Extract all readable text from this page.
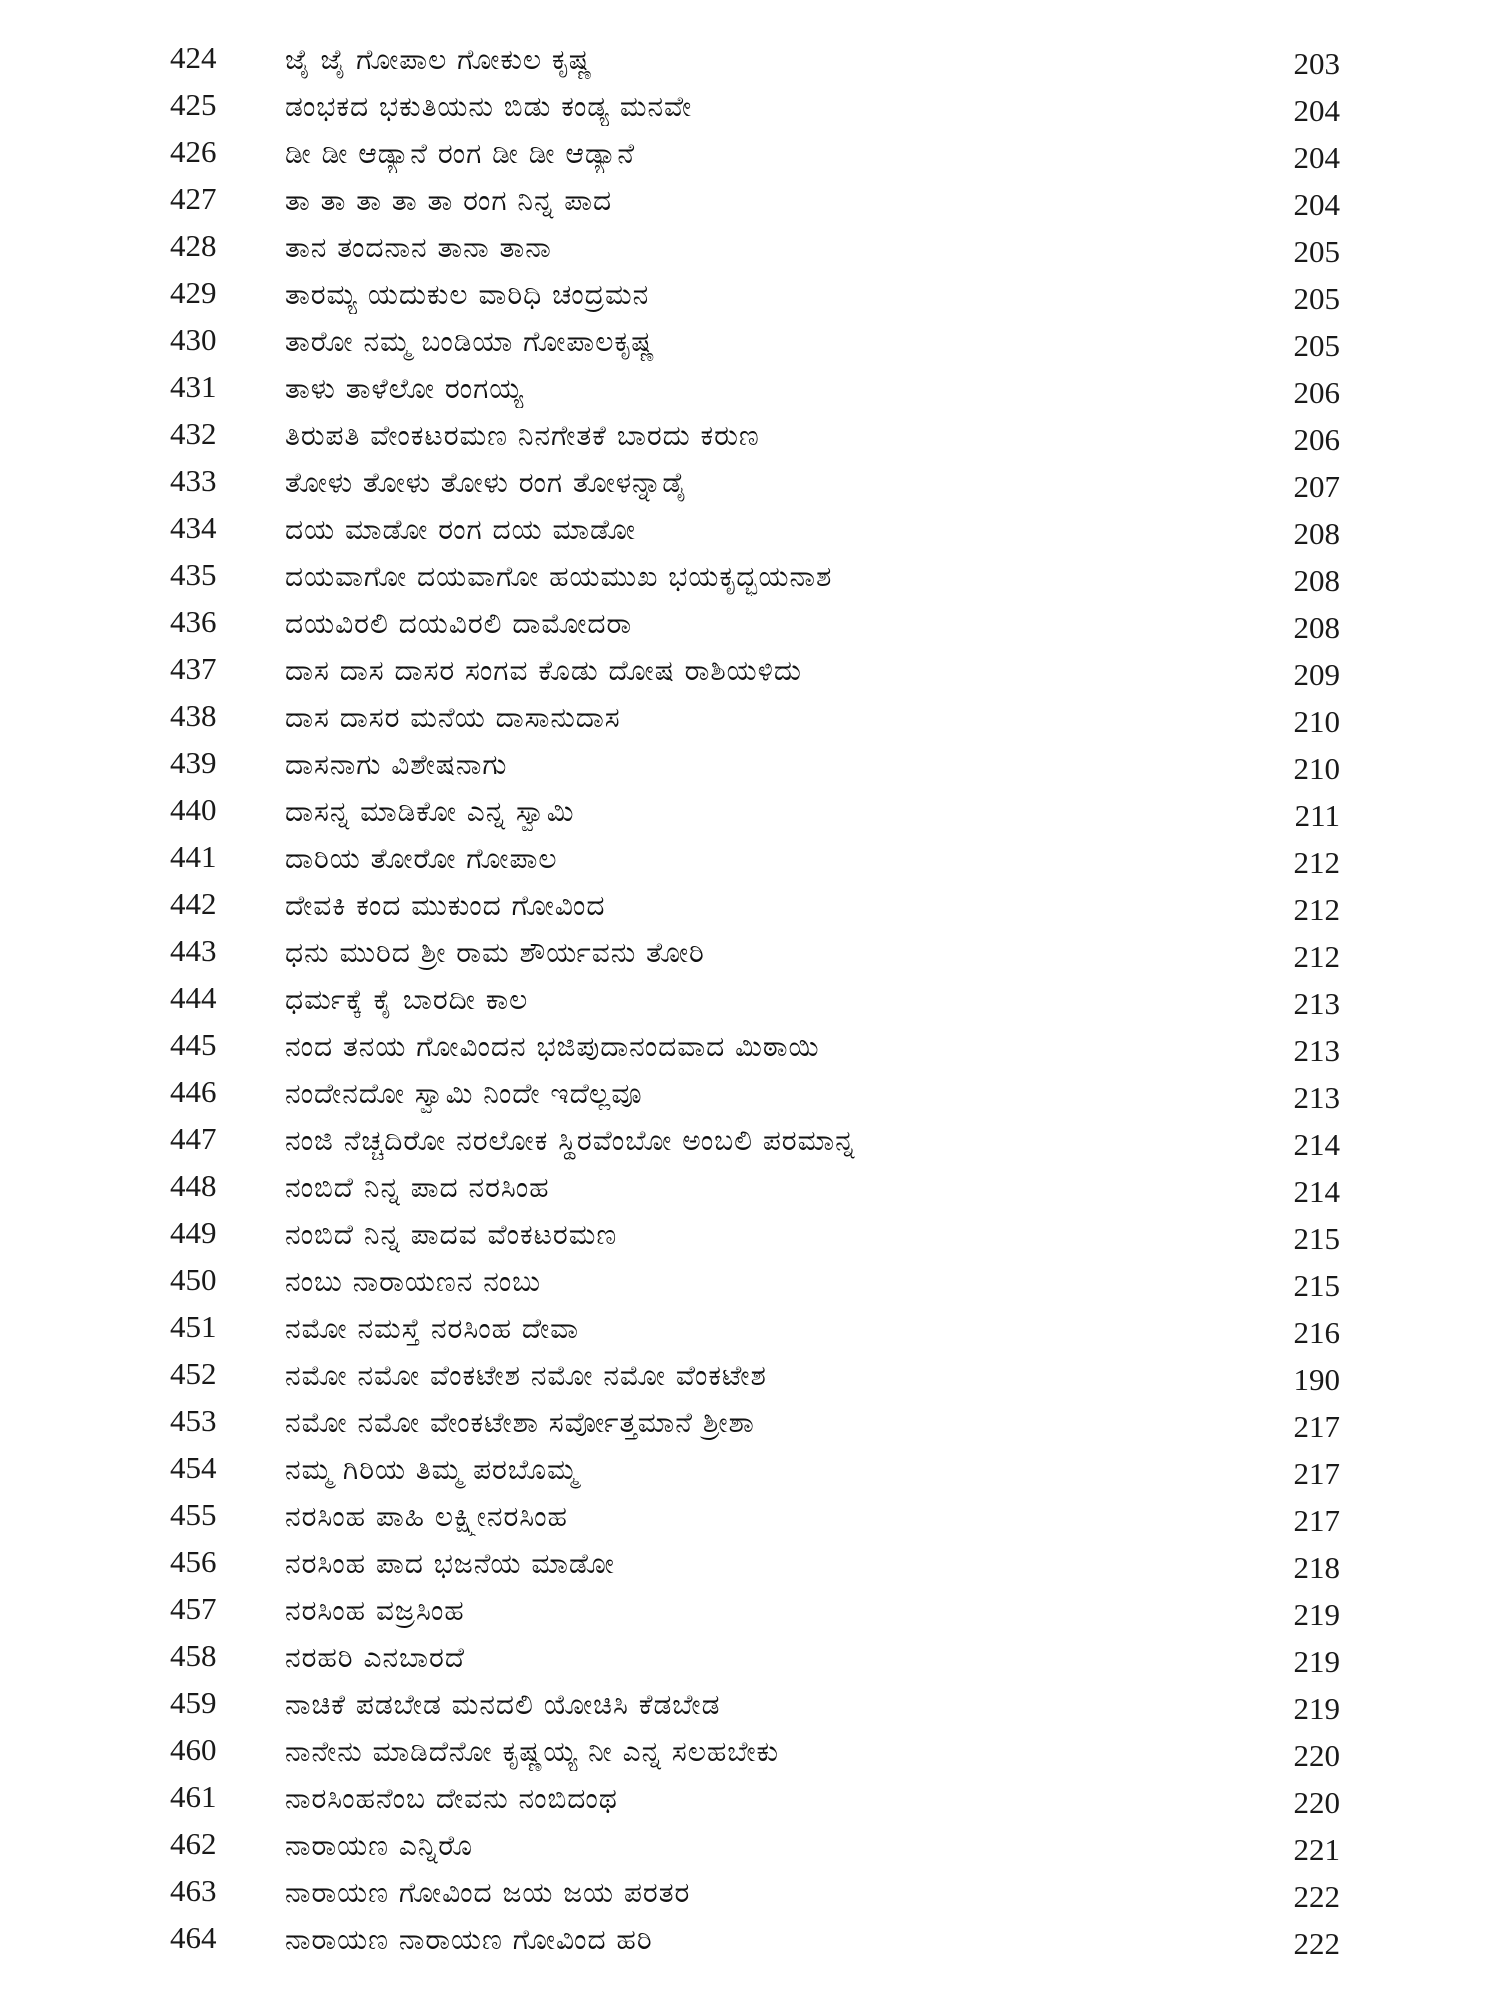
424	ಜೈ ಜೈ ಗೋಪಾಲ ಗೋಕುಲ ಕೃಷ್ಣ	203
425	ಡಂಭಕದ ಭಕುತಿಯನು ಬಿಡು ಕಂಡ್ಯ ಮನವೇ	204
426	ಡೀ ಡೀ ಆಡ್ಯಾನೆ ರಂಗ ಡೀ ಡೀ ಆಡ್ಯಾನೆ	204
427	ತಾ ತಾ ತಾ ತಾ ತಾ ರಂಗ ನಿನ್ನ ಪಾದ	204
428	ತಾನ ತಂದನಾನ ತಾನಾ ತಾನಾ	205
429	ತಾರಮ್ಯ ಯದುಕುಲ ವಾರಿಧಿ ಚಂದ್ರಮನ	205
430	ತಾರೋ ನಮ್ಮ ಬಂಡಿಯಾ ಗೋಪಾಲಕೃಷ್ಣ	205
431	ತಾಳು ತಾಳೆಲೋ ರಂಗಯ್ಯ	206
432	ತಿರುಪತಿ ವೇಂಕಟರಮಣ ನಿನಗೇತಕೆ ಬಾರದು ಕರುಣ	206
433	ತೋಳು ತೋಳು ತೋಳು ರಂಗ ತೋಳನ್ನಾಡೈ	207
434	ದಯ ಮಾಡೋ ರಂಗ ದಯ ಮಾಡೋ	208
435	ದಯವಾಗೋ ದಯವಾಗೋ ಹಯಮುಖ ಭಯಕೃದ್ಭಯನಾಶ	208
436	ದಯವಿರಲಿ ದಯವಿರಲಿ ದಾಮೋದರಾ	208
437	ದಾಸ ದಾಸ ದಾಸರ ಸಂಗವ ಕೊಡು ದೋಷ ರಾಶಿಯಳಿದು	209
438	ದಾಸ ದಾಸರ ಮನೆಯ ದಾಸಾನುದಾಸ	210
439	ದಾಸನಾಗು ವಿಶೇಷನಾಗು	210
440	ದಾಸನ್ನ ಮಾಡಿಕೋ ಎನ್ನ ಸ್ವಾಮಿ	211
441	ದಾರಿಯ ತೋರೋ ಗೋಪಾಲ	212
442	ದೇವಕಿ ಕಂದ ಮುಕುಂದ ಗೋವಿಂದ	212
443	ಧನು ಮುರಿದ ಶ್ರೀ ರಾಮ ಶೌರ್ಯವನು ತೋರಿ	212
444	ಧರ್ಮಕ್ಕೆ ಕೈ ಬಾರದೀ ಕಾಲ	213
445	ನಂದ ತನಯ ಗೋವಿಂದನ ಭಜಿಪುದಾನಂದವಾದ ಮಿಠಾಯಿ	213
446	ನಂದೇನದೋ ಸ್ವಾಮಿ ನಿಂದೇ ಇದೆಲ್ಲವೂ	213
447	ನಂಜಿ ನೆಚ್ಚದಿರೋ ನರಲೋಕ ಸ್ಥಿರವೆಂಬೋ ಅಂಬಲಿ ಪರಮಾನ್ನ	214
448	ನಂಬಿದೆ ನಿನ್ನ ಪಾದ ನರಸಿಂಹ	214
449	ನಂಬಿದೆ ನಿನ್ನ ಪಾದವ ವೆಂಕಟರಮಣ	215
450	ನಂಬು ನಾರಾಯಣನ ನಂಬು	215
451	ನಮೋ ನಮಸ್ತೆ ನರಸಿಂಹ ದೇವಾ	216
452	ನಮೋ ನಮೋ ವೆಂಕಟೇಶ ನಮೋ ನಮೋ ವೆಂಕಟೇಶ	190
453	ನಮೋ ನಮೋ ವೇಂಕಟೇಶಾ ಸರ್ವೋತ್ತಮಾನೆ ಶ್ರೀಶಾ	217
454	ನಮ್ಮ ಗಿರಿಯ ತಿಮ್ಮ ಪರಬೊಮ್ಮ	217
455	ನರಸಿಂಹ ಪಾಹಿ ಲಕ್ಷ್ಮೀನರಸಿಂಹ	217
456	ನರಸಿಂಹ ಪಾದ ಭಜನೆಯ ಮಾಡೋ	218
457	ನರಸಿಂಹ ವಜ್ರಸಿಂಹ	219
458	ನರಹರಿ ಎನಬಾರದೆ	219
459	ನಾಚಿಕೆ ಪಡಬೇಡ ಮನದಲಿ ಯೋಚಿಸಿ ಕೆಡಬೇಡ	219
460	ನಾನೇನು ಮಾಡಿದೆನೋ ಕೃಷ್ಣಯ್ಯ ನೀ ಎನ್ನ ಸಲಹಬೇಕು	220
461	ನಾರಸಿಂಹನೆಂಬ ದೇವನು ನಂಬಿದಂಥ	220
462	ನಾರಾಯಣ ಎನ್ನಿರೊ	221
463	ನಾರಾಯಣ ಗೋವಿಂದ ಜಯ ಜಯ ಪರತರ	222
464	ನಾರಾಯಣ ನಾರಾಯಣ ಗೋವಿಂದ ಹರಿ	222
